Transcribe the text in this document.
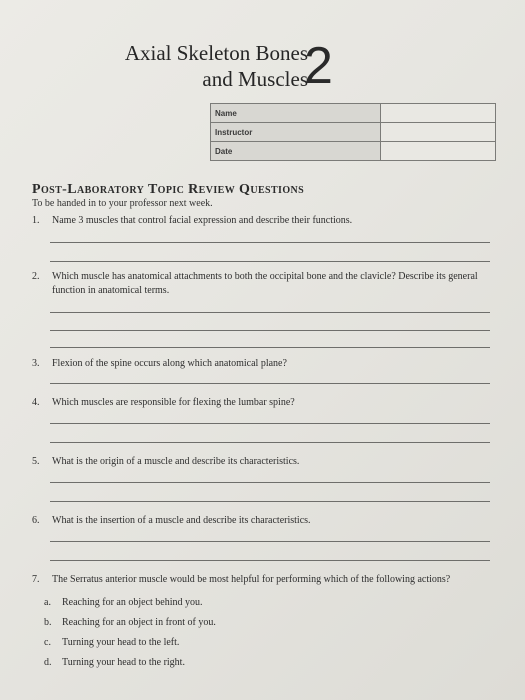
Axial Skeleton Bones
and Muscles
2
Name	
Instructor	
Date	
Post-Laboratory Topic Review Questions
To be handed in to your professor next week.
1. Name 3 muscles that control facial expression and describe their functions.
2. Which muscle has anatomical attachments to both the occipital bone and the clavicle? Describe its general function in anatomical terms.
3. Flexion of the spine occurs along which anatomical plane?
4. Which muscles are responsible for flexing the lumbar spine?
5. What is the origin of a muscle and describe its characteristics.
6. What is the insertion of a muscle and describe its characteristics.
7. The Serratus anterior muscle would be most helpful for performing which of the following actions?
a. Reaching for an object behind you.
b. Reaching for an object in front of you.
c. Turning your head to the left.
d. Turning your head to the right.
